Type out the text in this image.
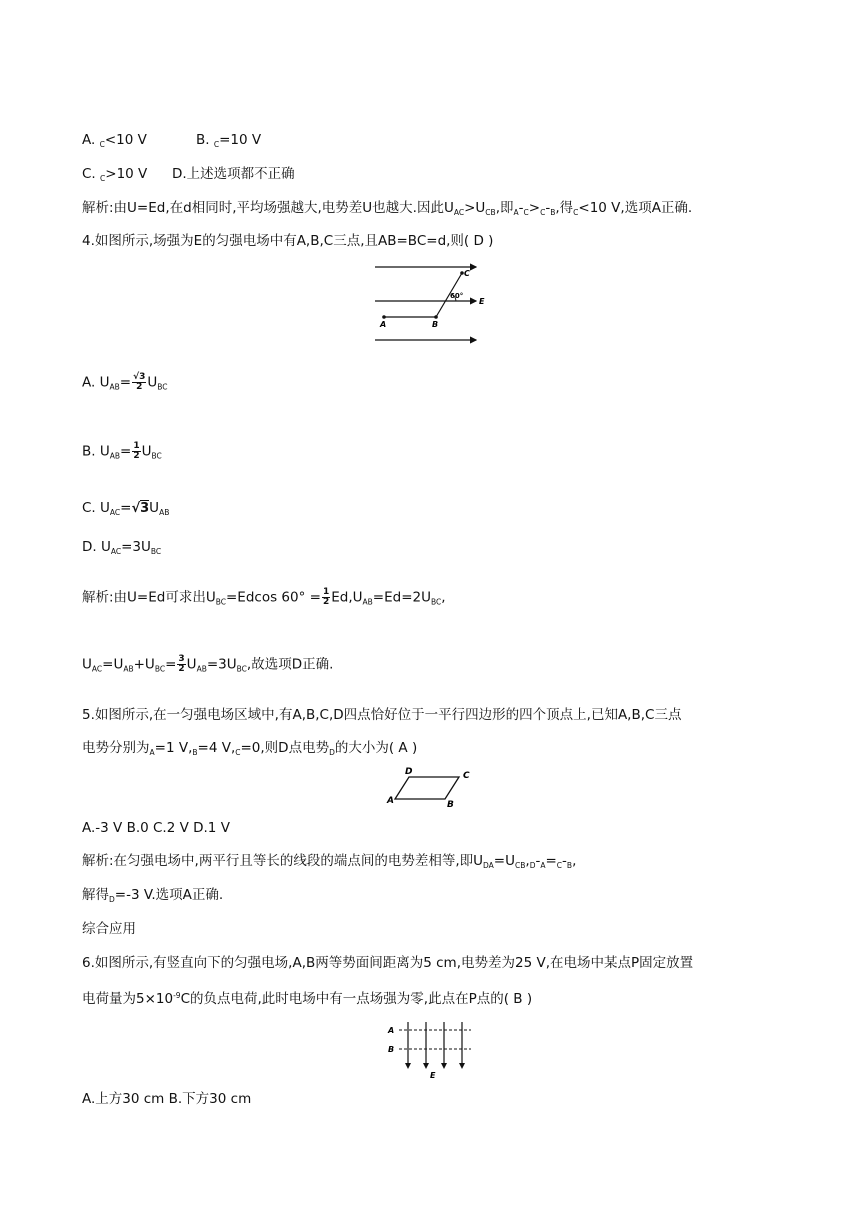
A. $_C$<10 V	B. $_C$=10 V
C. $_C$>10 V D.上述选项都不正确
解析:由U=Ed,在d相同时,平均场强越大,电势差U也越大.因此$U_{AC}>U_{CB}$,即$_A-_C>_C-_B$,得$_C$<10 V,选项A正确.
4.如图所示,场强为E的匀强电场中有A,B,C三点,且AB=BC=d,则( D )
C
60°
E
A	B
A. $U_{AB}= \frac{√3}{2} U_{BC}$
B. $U_{AB}= \frac{1}{2} U_{BC}$
C. $U_{AC}=√3U_{AB}$
D. $U_{AC}=3U_{BC}$
解析:由U=Ed可求出$U_{BC}=Edcos$ $60^\circ = \frac{1}{2} Ed,U_{AB}=Ed=2U_{BC}$,
$U_{AC}=U_{AB}+U_{BC}= \frac{3}{2} U_{AB}=3U_{BC}$,故选项D正确.
5.如图所示,在一匀强电场区域中,有A,B,C,D四点恰好位于一平行四边形的四个顶点上,已知A,B,C三点
电势分别为$_A$=1 $V,_B=4$ $V,_C=0$,则D点电势$_D$的大小为( A )
D	C
A	B
A.-3 V B.0 C.2 V D.1 V
解析:在匀强电场中,两平行且等长的线段的端点间的电势差相等,即$U_{DA}=U_{CB},_D-_A=_C-_B$,
解得$_D$=-3 V.选项A正确.
综合应用
6.如图所示,有竖直向下的匀强电场,A,B两等势面间距离为5 cm,电势差为25 V,在电场中某点P固定放置
电荷量为$5\times 10^{-9}C$的负点电荷,此时电场中有一点场强为零,此点在P点的( B )
A
B
E
A.上方30 cm B.下方30 cm
